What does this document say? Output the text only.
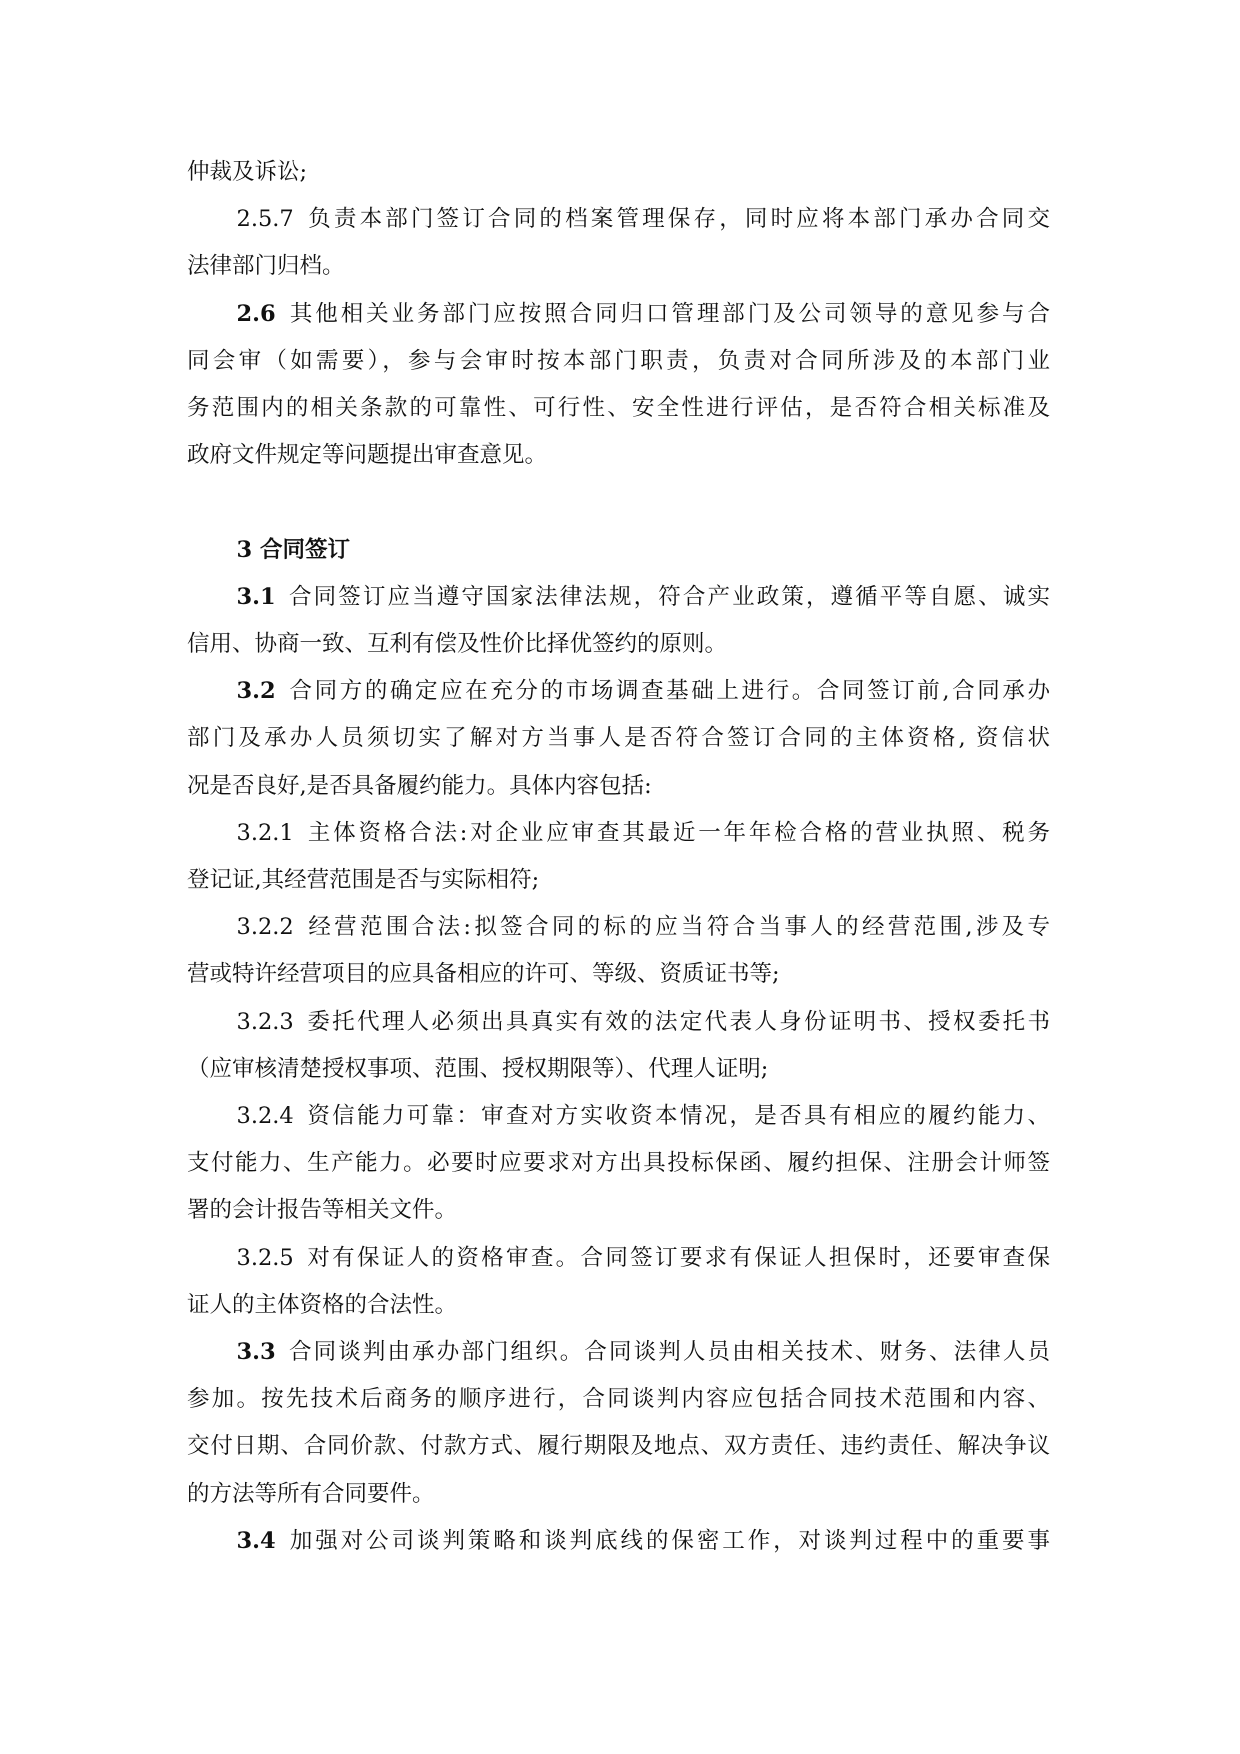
仲裁及诉讼;
2.5.7 负责本部门签订合同的档案管理保存，同时应将本部门承办合同交
法律部门归档。
2.6 其他相关业务部门应按照合同归口管理部门及公司领导的意见参与合
同会审（如需要），参与会审时按本部门职责，负责对合同所涉及的本部门业
务范围内的相关条款的可靠性、可行性、安全性进行评估，是否符合相关标准及
政府文件规定等问题提出审查意见。
3 合同签订
3.1 合同签订应当遵守国家法律法规，符合产业政策，遵循平等自愿、诚实
信用、协商一致、互利有偿及性价比择优签约的原则。
3.2 合同方的确定应在充分的市场调查基础上进行。合同签订前,合同承办
部门及承办人员须切实了解对方当事人是否符合签订合同的主体资格, 资信状
况是否良好,是否具备履约能力。具体内容包括:
3.2.1 主体资格合法:对企业应审查其最近一年年检合格的营业执照、税务
登记证,其经营范围是否与实际相符;
3.2.2 经营范围合法:拟签合同的标的应当符合当事人的经营范围,涉及专
营或特许经营项目的应具备相应的许可、等级、资质证书等;
3.2.3 委托代理人必须出具真实有效的法定代表人身份证明书、授权委托书
（应审核清楚授权事项、范围、授权期限等）、代理人证明;
3.2.4 资信能力可靠：审查对方实收资本情况，是否具有相应的履约能力、
支付能力、生产能力。必要时应要求对方出具投标保函、履约担保、注册会计师签
署的会计报告等相关文件。
3.2.5 对有保证人的资格审查。合同签订要求有保证人担保时，还要审查保
证人的主体资格的合法性。
3.3 合同谈判由承办部门组织。合同谈判人员由相关技术、财务、法律人员
参加。按先技术后商务的顺序进行，合同谈判内容应包括合同技术范围和内容、
交付日期、合同价款、付款方式、履行期限及地点、双方责任、违约责任、解决争议
的方法等所有合同要件。
3.4 加强对公司谈判策略和谈判底线的保密工作，对谈判过程中的重要事
